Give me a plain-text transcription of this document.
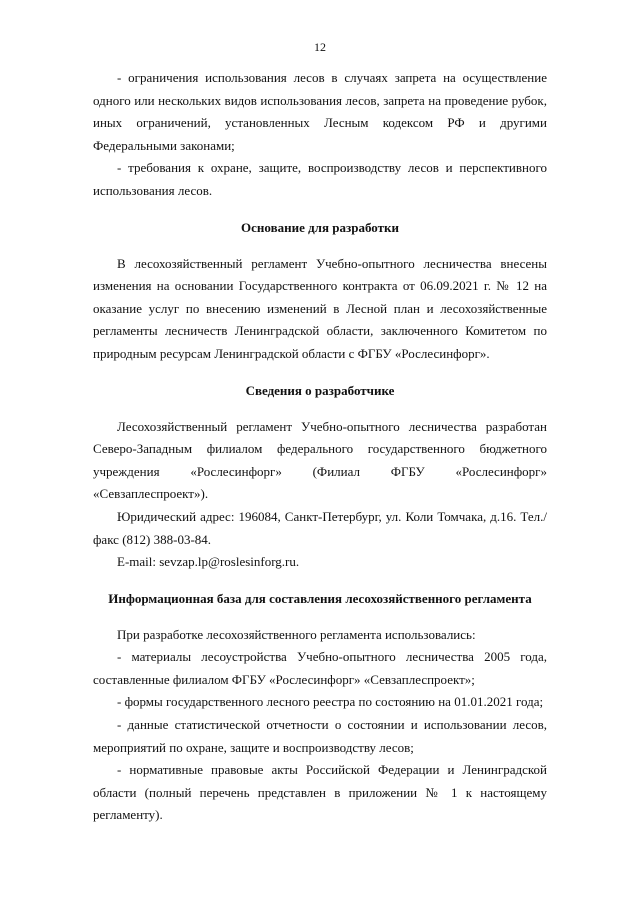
12

- ограничения использования лесов в случаях запрета на осуществление одного или нескольких видов использования лесов, запрета на проведение рубок, иных ограничений, установленных Лесным кодексом РФ и другими Федеральными законами;

- требования к охране, защите, воспроизводству лесов и перспективного использования лесов.

Основание для разработки

В лесохозяйственный регламент Учебно-опытного лесничества внесены изменения на основании Государственного контракта от 06.09.2021 г. № 12 на оказание услуг по внесению изменений в Лесной план и лесохозяйственные регламенты лесничеств Ленинградской области, заключенного Комитетом по природным ресурсам Ленинградской области с ФГБУ «Рослесинфорг».

Сведения о разработчике

Лесохозяйственный регламент Учебно-опытного лесничества разработан Северо-Западным филиалом федерального государственного бюджетного учреждения «Рослесинфорг» (Филиал ФГБУ «Рослесинфорг» «Севзаплеспроект»).

Юридический адрес: 196084, Санкт-Петербург, ул. Коли Томчака, д.16. Тел./факс (812) 388-03-84.

E-mail: sevzap.lp@roslesinforg.ru.

Информационная база для составления лесохозяйственного регламента

При разработке лесохозяйственного регламента использовались:

- материалы лесоустройства Учебно-опытного лесничества 2005 года, составленные филиалом ФГБУ «Рослесинфорг» «Севзаплеспроект»;

- формы государственного лесного реестра по состоянию на 01.01.2021 года;

- данные статистической отчетности о состоянии и использовании лесов, мероприятий по охране, защите и воспроизводству лесов;

- нормативные правовые акты Российской Федерации и Ленинградской области (полный перечень представлен в приложении № 1 к настоящему регламенту).
